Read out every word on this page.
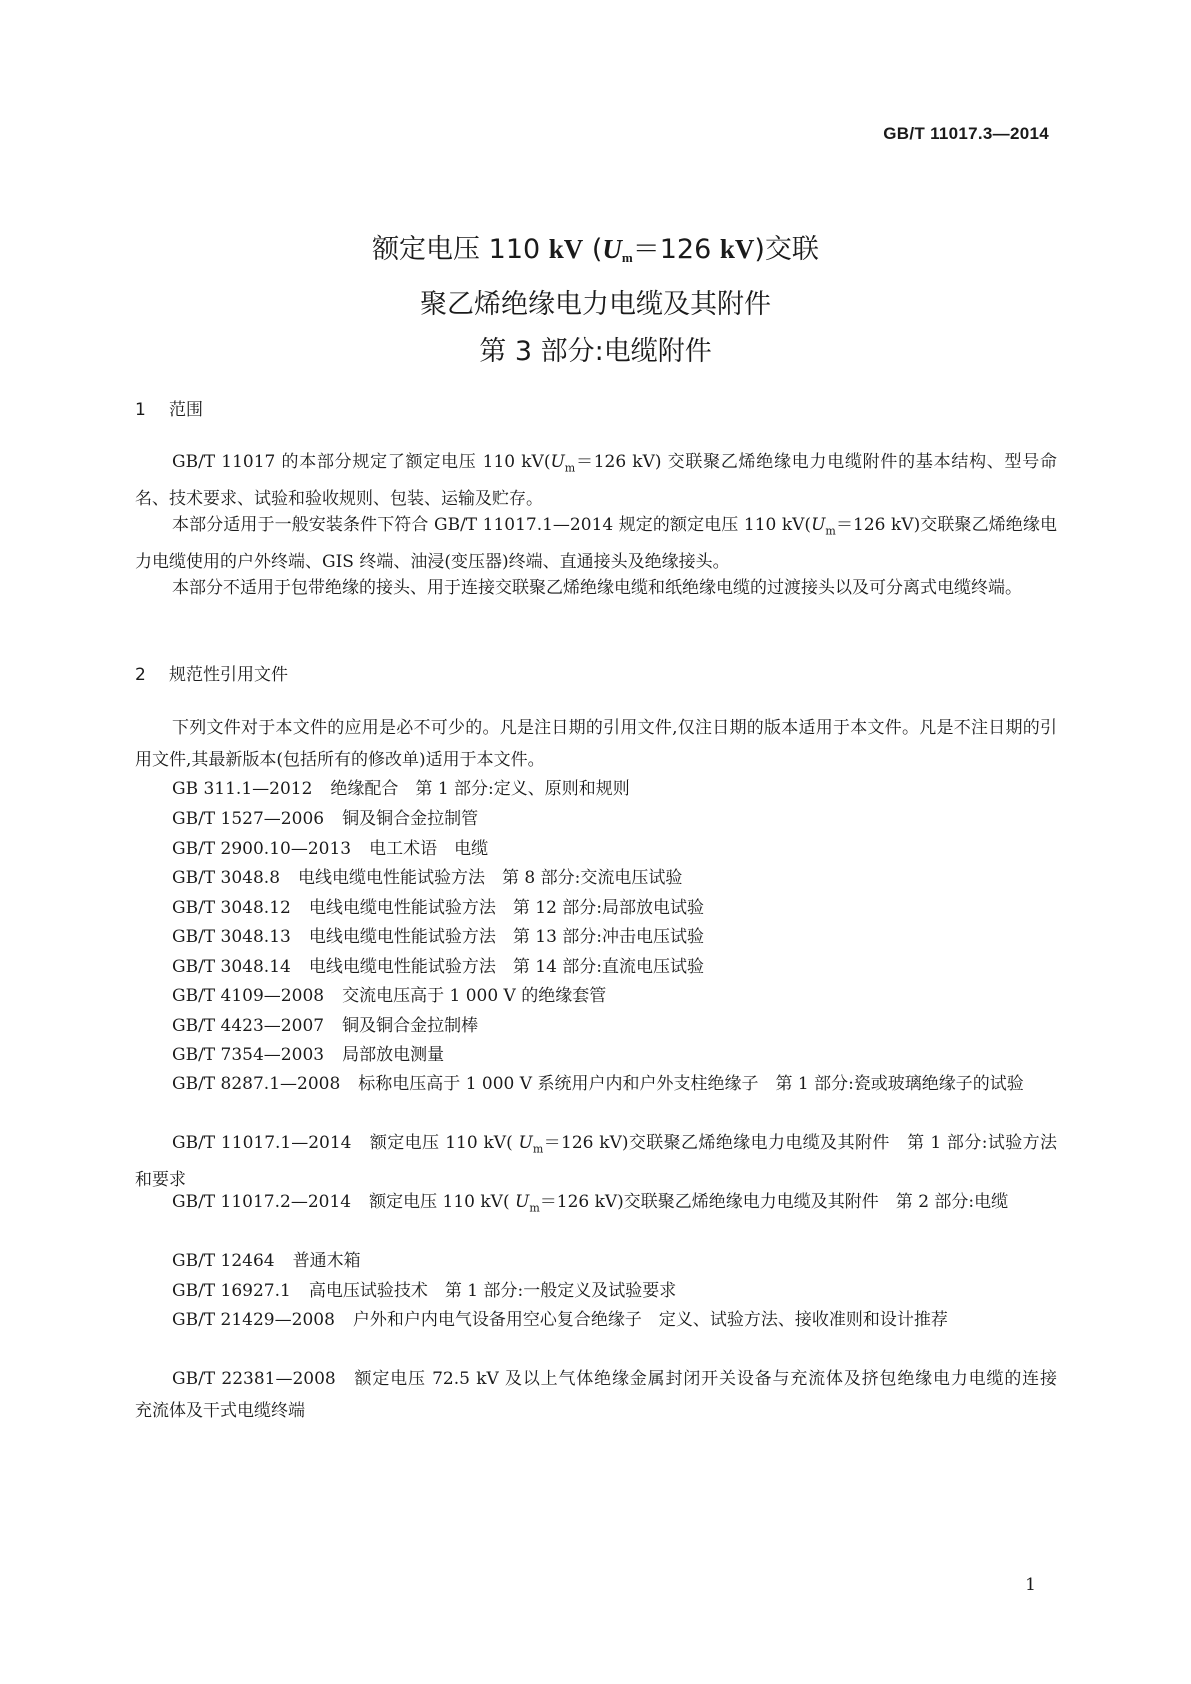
GB/T 11017.3—2014
额定电压 110 kV ($U_m=126$ kV)交联
聚乙烯绝缘电力电缆及其附件
第 3 部分:电缆附件
1 范围
GB/T 11017 的本部分规定了额定电压 110 $kV(U_m=126$ kV) 交联聚乙烯绝缘电力电缆附件的基本结构、型号命名、技术要求、试验和验收规则、包装、运输及贮存。
本部分适用于一般安装条件下符合 GB/T 11017.1—2014 规定的额定电压 110 $kV(U_m=126$ kV)交联聚乙烯绝缘电力电缆使用的户外终端、GIS 终端、油浸(变压器)终端、直通接头及绝缘接头。
本部分不适用于包带绝缘的接头、用于连接交联聚乙烯绝缘电缆和纸绝缘电缆的过渡接头以及可分离式电缆终端。
2 规范性引用文件
下列文件对于本文件的应用是必不可少的。凡是注日期的引用文件,仅注日期的版本适用于本文件。凡是不注日期的引用文件,其最新版本(包括所有的修改单)适用于本文件。
GB 311.1—2012 绝缘配合　第 1 部分:定义、原则和规则
GB/T 1527—2006 铜及铜合金拉制管
GB/T 2900.10—2013 电工术语　电缆
GB/T 3048.8 电线电缆电性能试验方法　第 8 部分:交流电压试验
GB/T 3048.12 电线电缆电性能试验方法　第 12 部分:局部放电试验
GB/T 3048.13 电线电缆电性能试验方法　第 13 部分:冲击电压试验
GB/T 3048.14 电线电缆电性能试验方法　第 14 部分:直流电压试验
GB/T 4109—2008 交流电压高于 1 000 V 的绝缘套管
GB/T 4423—2007 铜及铜合金拉制棒
GB/T 7354—2003 局部放电测量
GB/T 8287.1—2008 标称电压高于 1 000 V 系统用户内和户外支柱绝缘子　第 1 部分:瓷或玻璃绝缘子的试验
GB/T 11017.1—2014 额定电压 110 kV( $U_m=126$ kV)交联聚乙烯绝缘电力电缆及其附件　第 1 部分:试验方法和要求
GB/T 11017.2—2014 额定电压 110 kV( $U_m=126$ kV)交联聚乙烯绝缘电力电缆及其附件　第 2 部分:电缆
GB/T 12464 普通木箱
GB/T 16927.1 高电压试验技术　第 1 部分:一般定义及试验要求
GB/T 21429—2008 户外和户内电气设备用空心复合绝缘子　定义、试验方法、接收准则和设计推荐
GB/T 22381—2008 额定电压 72.5 kV 及以上气体绝缘金属封闭开关设备与充流体及挤包绝缘电力电缆的连接　充流体及干式电缆终端
1
